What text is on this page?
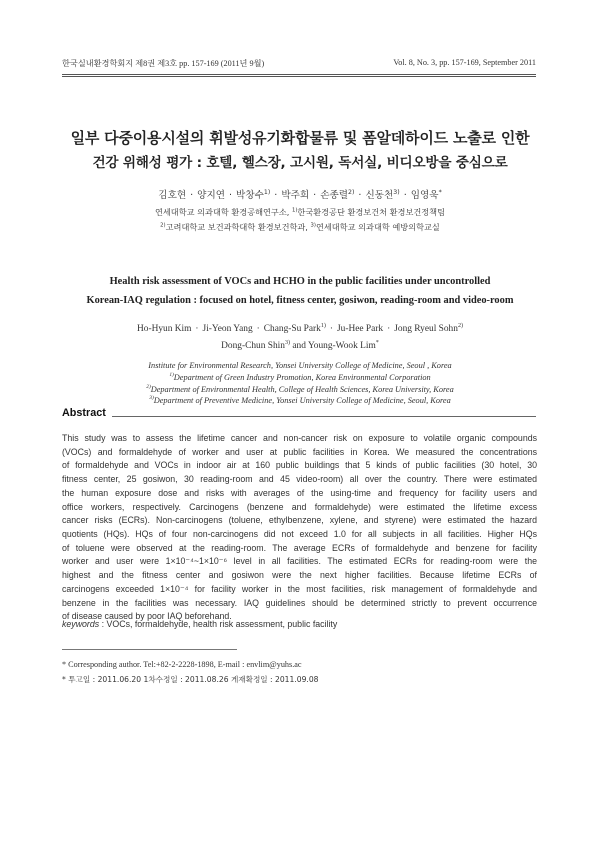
한국실내환경학회지 제8권 제3호 pp. 157-169 (2011년 9월)	Vol. 8, No. 3, pp. 157-169, September 2011
일부 다중이용시설의 휘발성유기화합물류 및 폼알데하이드 노출로 인한
건강 위해성 평가 : 호텔, 헬스장, 고시원, 독서실, 비디오방을 중심으로
김호현 · 양지연 · 박창수$^{1)}$ · 박주희 · 손종렬$^{2)}$ · 신동천$^{3)}$ · 임영욱*
연세대학교 의과대학 환경공해연구소, $^{1)}$한국환경공단 환경보건처 환경보건정책팀
$^{2)}$고려대학교 보건과학대학 환경보건학과, $^{3)}$연세대학교 의과대학 예방의학교실
Health risk assessment of VOCs and HCHO in the public facilities under uncontrolled
Korean-IAQ regulation : focused on hotel, fitness center, gosiwon, reading-room and video-room
Ho-Hyun Kim · Ji-Yeon Yang · Chang-Su Park$^{1)}$ · Ju-Hee Park · Jong Ryeul Sohn$^{2)}$
Dong-Chun Shin$^{3)}$ and Young-Wook Lim*
Institute for Environmental Research, Yonsei University College of Medicine, Seoul , Korea
$^{1)}$Department of Green Industry Promotion, Korea Environmental Corporation
$^{2)}$Department of Environmental Health, College of Health Sciences, Korea University, Korea
$^{3)}$Department of Preventive Medicine, Yonsei University College of Medicine, Seoul, Korea
Abstract
This study was to assess the lifetime cancer and non-cancer risk on exposure to volatile organic compounds
(VOCs) and formaldehyde of worker and user at public facilities in Korea. We measured the concentrations
of formaldehyde and VOCs in indoor air at 160 public buildings that 5 kinds of public facilities (30 hotel, 30
fitness center, 25 gosiwon, 30 reading-room and 45 video-room) all over the country. There were estimated
the human exposure dose and risks with averages of the using-time and frequency for facility users and
office workers, respectively. Carcinogens (benzene and formaldehyde) were estimated the lifetime excess
cancer risks (ECRs). Non-carcinogens (toluene, ethylbenzene, xylene, and styrene) were estimated the hazard
quotients (HQs). HQs of four non-carcinogens did not exceed 1.0 for all subjects in all facilities. Higher HQs
of toluene were observed at the reading-room. The average ECRs of formaldehyde and benzene for facility
worker and user were 1×10⁻⁴~1×10⁻⁶ level in all facilities. The estimated ECRs for reading-room were the
highest and the fitness center and gosiwon were the next higher facilities. Because lifetime ECRs of
carcinogens exceeded 1×10⁻⁴ for facility worker in the most facilities, risk management of formaldehyde and
benzene in the facilities was necessary. IAQ guidelines should be determined strictly to prevent occurrence
of disease caused by poor IAQ beforehand.
keywords : VOCs, formaldehyde, health risk assessment, public facility
* Corresponding author. Tel:+82-2-2228-1898, E-mail : envlim@yuhs.ac
* 투고일 : 2011.06.20 1차수정일 : 2011.08.26 게재확정일 : 2011.09.08
